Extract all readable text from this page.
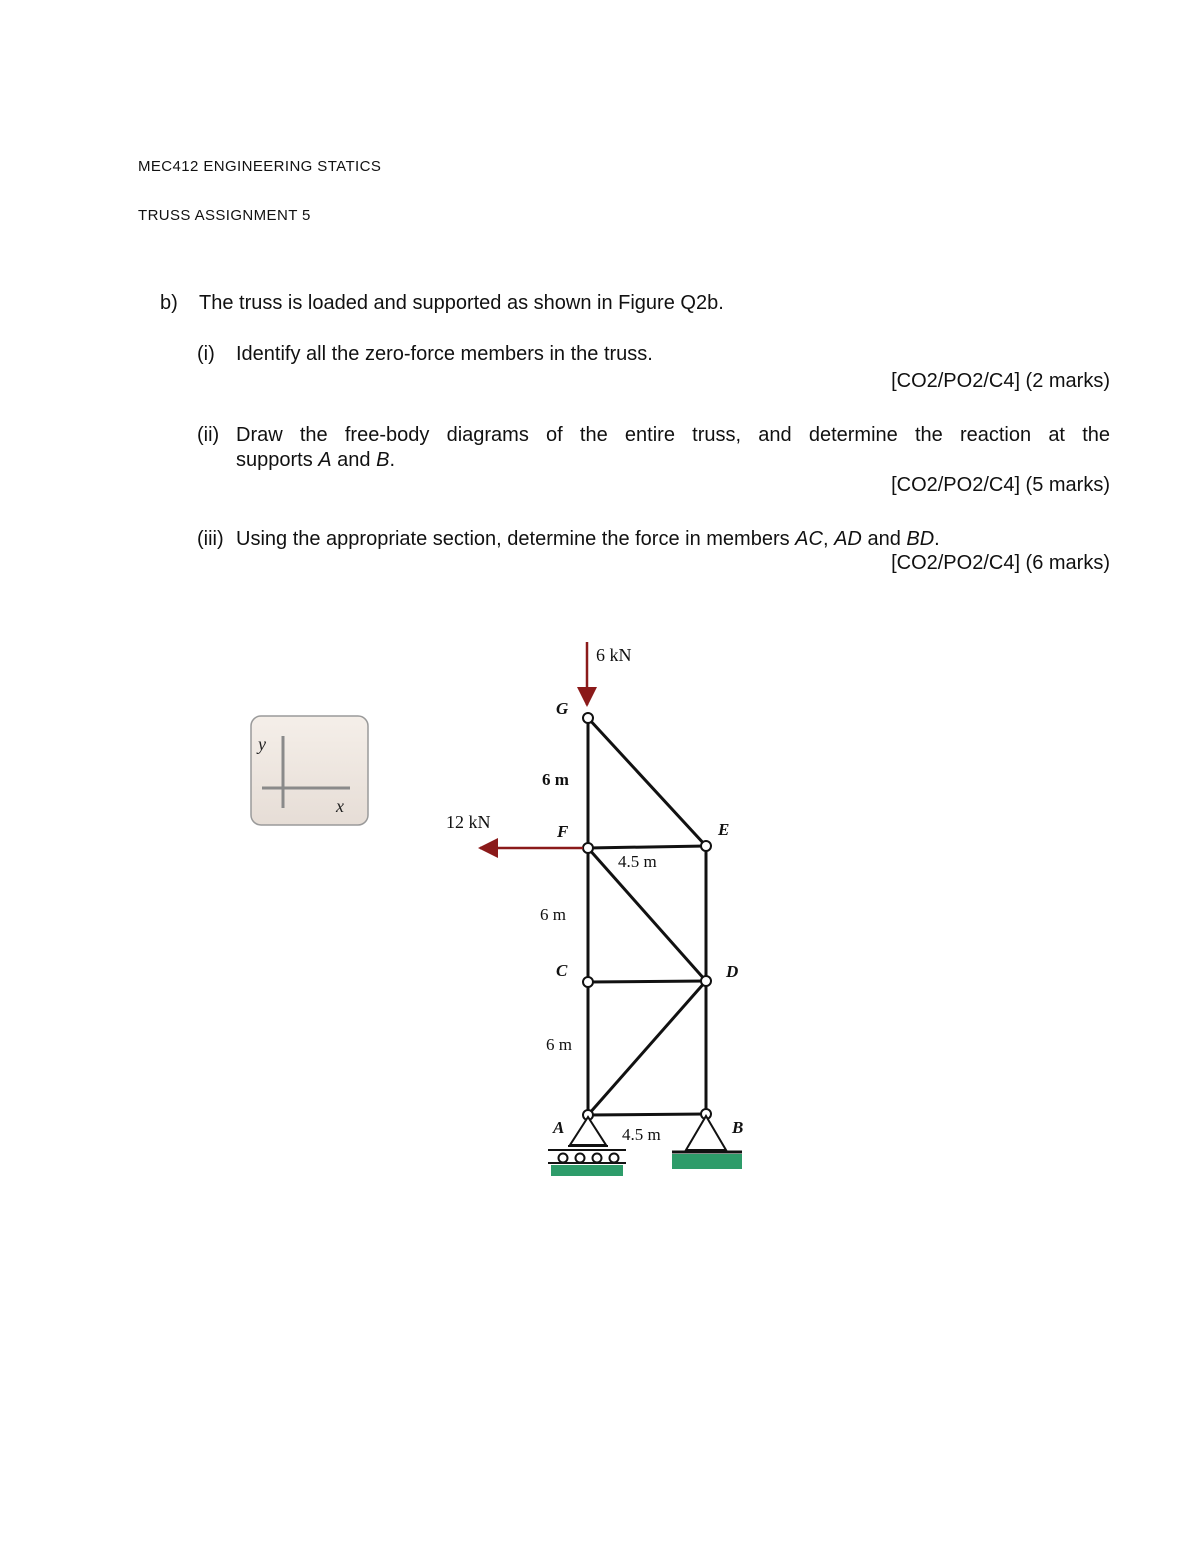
MEC412 ENGINEERING STATICS
TRUSS ASSIGNMENT 5
b) The truss is loaded and supported as shown in Figure Q2b.
(i) Identify all the zero-force members in the truss.
[CO2/PO2/C4] (2 marks)
(ii) Draw the free-body diagrams of the entire truss, and determine the reaction at the
supports A and B.
[CO2/PO2/C4] (5 marks)
(iii) Using the appropriate section, determine the force in members AC, AD and BD.
[CO2/PO2/C4] (6 marks)
y
x
6 kN
12 kN
G
F	E
C	D
A	B
6 m
6 m
6 m
4.5 m
4.5 m
